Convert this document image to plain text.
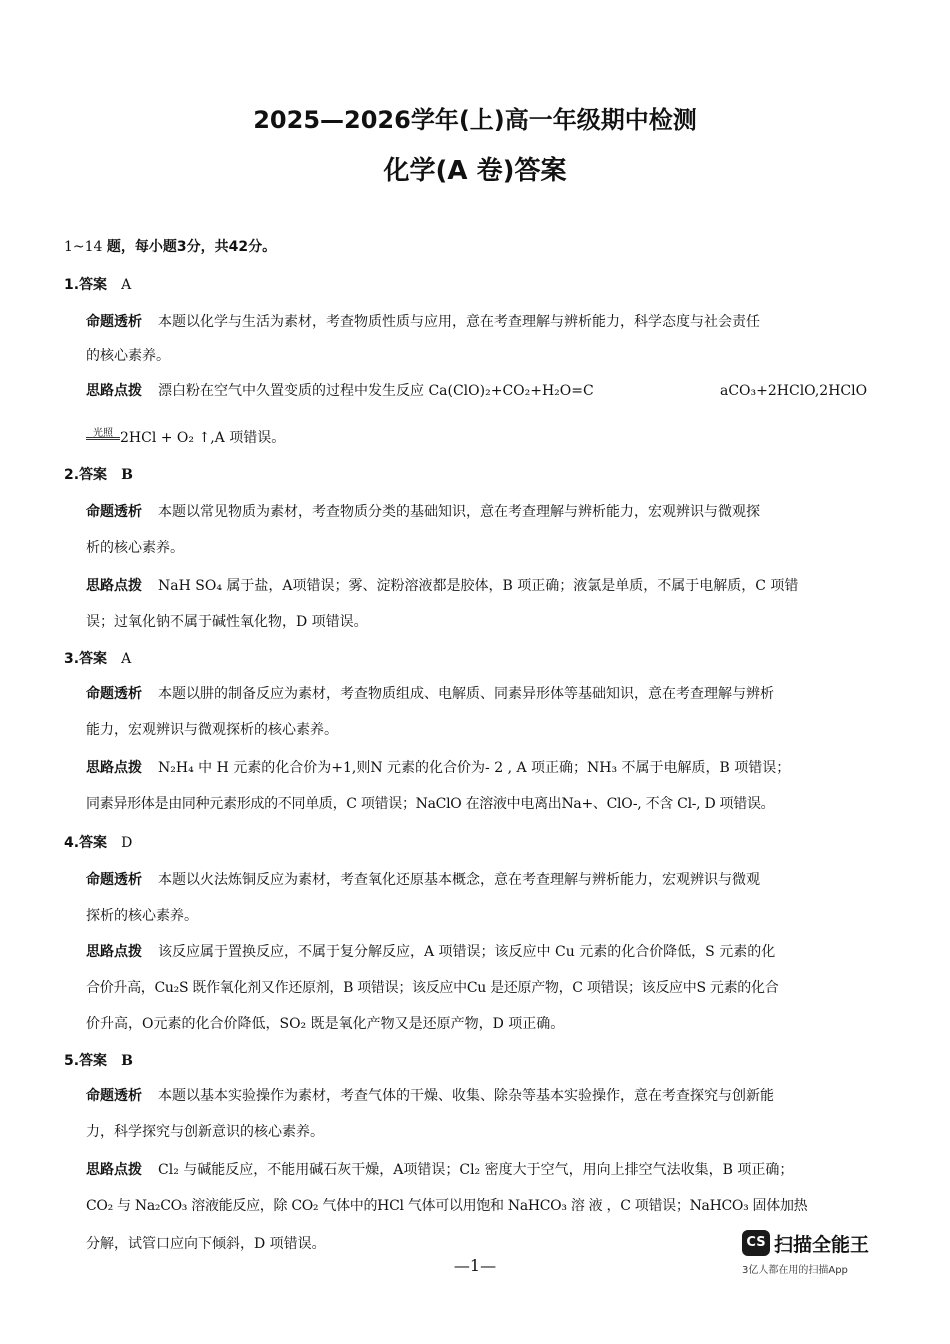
2025—2026学年(上)高一年级期中检测
化学(A 卷)答案
1~14 题，每小题3分，共42分。
1.答案 A
命题透析 本题以化学与生活为素材，考查物质性质与应用，意在考查理解与辨析能力，科学态度与社会责任
的核心素养。
思路点拨 漂白粉在空气中久置变质的过程中发生反应 Ca(ClO)₂+CO₂+H₂O=C	aCO₃+2HClO,2HClO
光照 2HCl + O₂ ↑,A 项错误。
2.答案 B
命题透析 本题以常见物质为素材，考查物质分类的基础知识，意在考查理解与辨析能力，宏观辨识与微观探
析的核心素养。
思路点拨 NaH SO₄ 属于盐，A项错误；雾、淀粉溶液都是胶体，B 项正确；液氯是单质，不属于电解质，C 项错
误；过氧化钠不属于碱性氧化物，D 项错误。
3.答案 A
命题透析 本题以肼的制备反应为素材，考查物质组成、电解质、同素异形体等基础知识，意在考查理解与辨析
能力，宏观辨识与微观探析的核心素养。
思路点拨 N₂H₄ 中 H 元素的化合价为+1,则N 元素的化合价为- 2 , A 项正确；NH₃ 不属于电解质，B 项错误；
同素异形体是由同种元素形成的不同单质，C 项错误；NaClO 在溶液中电离出Na+、ClO-, 不含 Cl-, D 项错误。
4.答案 D
命题透析 本题以火法炼铜反应为素材，考查氧化还原基本概念，意在考查理解与辨析能力，宏观辨识与微观
探析的核心素养。
思路点拨 该反应属于置换反应，不属于复分解反应，A 项错误；该反应中 Cu 元素的化合价降低，S 元素的化
合价升高，Cu₂S 既作氧化剂又作还原剂，B 项错误；该反应中Cu 是还原产物，C 项错误；该反应中S 元素的化合
价升高，O元素的化合价降低，SO₂ 既是氧化产物又是还原产物，D 项正确。
5.答案 B
命题透析 本题以基本实验操作为素材，考查气体的干燥、收集、除杂等基本实验操作，意在考查探究与创新能
力，科学探究与创新意识的核心素养。
思路点拨 Cl₂ 与碱能反应，不能用碱石灰干燥，A项错误；Cl₂ 密度大于空气，用向上排空气法收集，B 项正确；
CO₂ 与 Na₂CO₃ 溶液能反应，除 CO₂ 气体中的HCl 气体可以用饱和 NaHCO₃ 溶 液 ，C 项错误；NaHCO₃ 固体加热
分解，试管口应向下倾斜，D 项错误。
—1—
CS 扫描全能王
3亿人都在用的扫描App
